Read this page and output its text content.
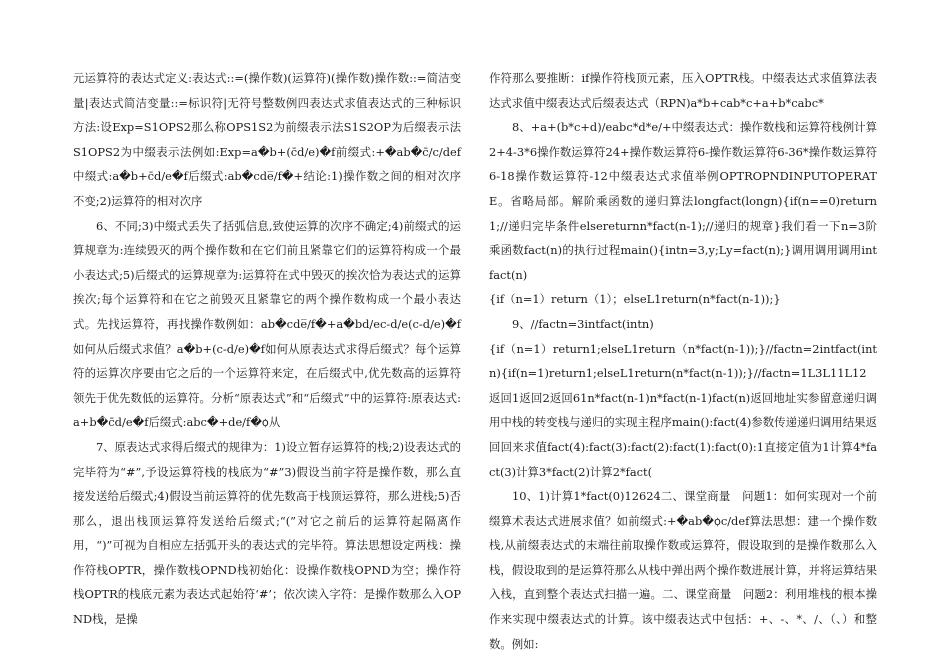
元运算符的表达式定义:表达式::=(操作数)(运算符)(操作数)操作数::=简洁变量|表达式简洁变量::=标识符|无符号整数例四表达式求值表达式的三种标识方法:设Exp=S1OPS2那么称OPS1S2为前缀表示法S1S2OP为后缀表示法S1OPS2为中缀表示法例如:Exp=a�b+(c̄d/e)�f前缀式:+�ab�c̄/c/def中缀式:a�b+c̄d/e�f后缀式:ab�cde̅/f�+结论:1)操作数之间的相对次序不变;2)运算符的相对次序

6、不同;3)中缀式丢失了括弧信息,致使运算的次序不确定;4)前缀式的运算规章为:连续毁灭的两个操作数和在它们前且紧靠它们的运算符构成一个最小表达式;5)后缀式的运算规章为:运算符在式中毁灭的挨次恰为表达式的运算挨次;每个运算符和在它之前毁灭且紧靠它的两个操作数构成一个最小表达式。先找运算符，再找操作数例如：ab�cde̅/f�+a�bd/ec-d/e(c-d/e)�f如何从后缀式求值？a�b+(c-d/e)�f如何从原表达式求得后缀式？每个运算符的运算次序要由它之后的一个运算符来定，在后缀式中,优先数高的运算符领先于优先数低的运算符。分析“原表达式”和“后缀式”中的运算符:原表达式:a+b�c̄d/e�f后缀式:abc�+de/f�ꟁ从

7、原表达式求得后缀式的规律为：1)设立暂存运算符的栈;2)设表达式的完毕符为“#”,予设运算符栈的栈底为“#”3)假设当前字符是操作数，那么直接发送给后缀式;4)假设当前运算符的优先数高于栈顶运算符，那么进栈;5)否那么，退出栈顶运算符发送给后缀式;“(”对它之前后的运算符起隔离作用，“)”可视为自相应左括弧开头的表达式的完毕符。算法思想设定两栈：操作符栈OPTR，操作数栈OPND栈初始化：设操作数栈OPND为空；操作符栈OPTR的栈底元素为表达式起始符‘#’；依次读入字符：是操作数那么入OPND栈，是操

作符那么要推断：if操作符栈顶元素，压入OPTR栈。中缀表达式求值算法表达式求值中缀表达式后缀表达式（RPN)a*b+cab*c+a+b*cabc*

8、+a+(b*c+d)/eabc*d*e/+中缀表达式：操作数栈和运算符栈例计算2+4-3*6操作数运算符24+操作数运算符6-操作数运算符6-36*操作数运算符6-18操作数运算符-12中缀表达式求值举例OPTROPNDINPUTOPERATE。省略局部。解阶乘函数的递归算法longfact(longn){if(n==0)return1;//递归完毕条件elsereturnn*fact(n-1);//递归的规章}我们看一下n=3阶乘函数fact(n)的执行过程main(){intn=3,y;Ly=fact(n);}调用调用调用intfact(n)

{if（n=1）return（1）；elseL1return(n*fact(n-1));}

9、//factn=3intfact(intn)

{if（n=1）return1;elseL1return（n*fact(n-1));}//factn=2intfact(intn){if(n=1)return1;elseL1return(n*fact(n-1));}//factn=1L3L11L12返回1返回2返回61n*fact(n-1)n*fact(n-1)fact(n)返回地址实参留意递归调用中栈的转变栈与递归的实现主程序main():fact(4)参数传递递归调用结果返回回来求值fact(4):fact(3):fact(2):fact(1):fact(0):1直接定值为1计算4*fact(3)计算3*fact(2)计算2*fact(

10、1)计算1*fact(0)12624二、课堂商量　问题1：如何实现对一个前缀算术表达式进展求值？如前缀式:+�ab�ꟁc/def算法思想：建一个操作数栈,从前缀表达式的末端往前取操作数或运算符，假设取到的是操作数那么入栈，假设取到的是运算符那么从栈中弹出两个操作数进展计算，并将运算结果入栈，直到整个表达式扫描一遍。二、课堂商量　问题2：利用堆栈的根本操作来实现中缀表达式的计算。该中缀表达式中包括：+、-、*、/、（、）和整数。例如:
